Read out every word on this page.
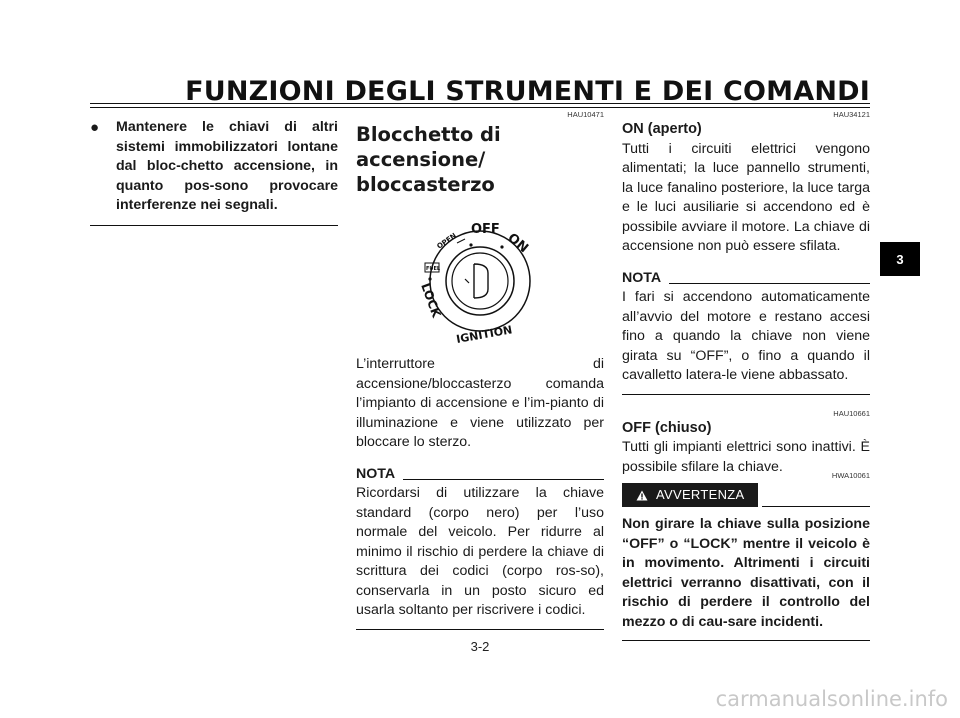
FUNZIONI DEGLI STRUMENTI E DEI COMANDI
●	Mantenere le chiavi di altri sistemi immobilizzatori lontane dal bloc-chetto accensione, in quanto pos-sono provocare interferenze nei segnali.
HAU10471
Blocchetto di accensione/ bloccasterzo
OFF
ON
OPEN
FUEL
LOCK
IGNITION
L’interruttore di accensione/bloccasterzo comanda l’impianto di accensione e l’im-pianto di illuminazione e viene utilizzato per bloccare lo sterzo.
NOTA
Ricordarsi di utilizzare la chiave standard (corpo nero) per l’uso normale del veicolo. Per ridurre al minimo il rischio di perdere la chiave di scrittura dei codici (corpo ros-so), conservarla in un posto sicuro ed usarla soltanto per riscrivere i codici.
HAU34121
ON (aperto)
Tutti i circuiti elettrici vengono alimentati; la luce pannello strumenti, la luce fanalino posteriore, la luce targa e le luci ausiliarie si accendono ed è possibile avviare il motore. La chiave di accensione non può essere sfilata.
NOTA
I fari si accendono automaticamente all’avvio del motore e restano accesi fino a quando la chiave non viene girata su “OFF”, o fino a quando il cavalletto latera-le viene abbassato.
HAU10661
OFF (chiuso)
Tutti gli impianti elettrici sono inattivi. È possibile sfilare la chiave.
HWA10061
AVVERTENZA
Non girare la chiave sulla posizione “OFF” o “LOCK” mentre il veicolo è in movimento. Altrimenti i circuiti elettrici verranno disattivati, con il rischio di perdere il controllo del mezzo o di cau-sare incidenti.
3
3-2
carmanualsonline.info
